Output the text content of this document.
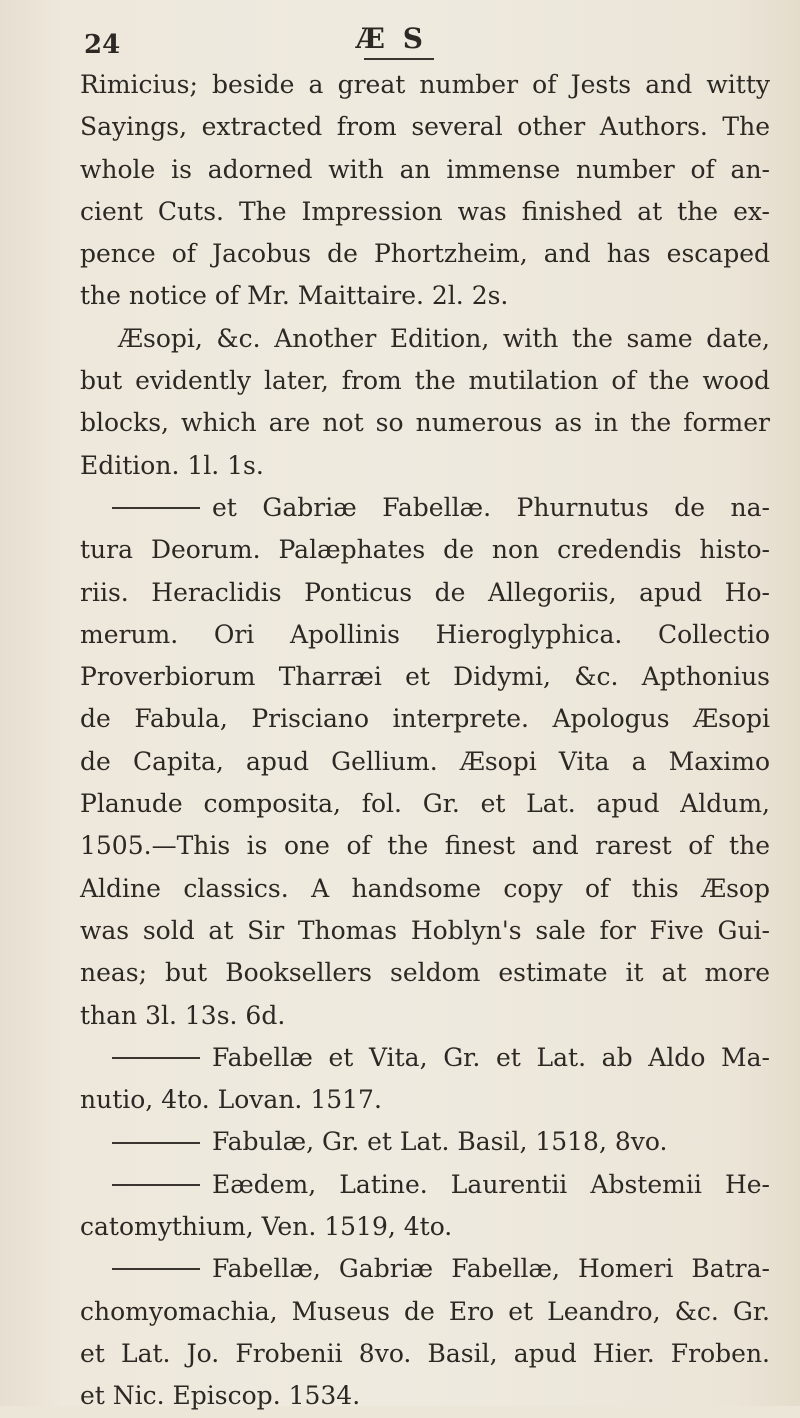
24	Æ S
Rimicius; beside a great number of Jests and witty
Sayings, extracted from several other Authors. The
whole is adorned with an immense number of an-
cient Cuts. The Impression was finished at the ex-
pence of Jacobus de Phortzheim, and has escaped
the notice of Mr. Maittaire. 2l. 2s.
Æsopi, &c. Another Edition, with the same date,
but evidently later, from the mutilation of the wood
blocks, which are not so numerous as in the former
Edition. 1l. 1s.
et Gabriæ Fabellæ. Phurnutus de na-
tura Deorum. Palæphates de non credendis histo-
riis. Heraclidis Ponticus de Allegoriis, apud Ho-
merum. Ori Apollinis Hieroglyphica. Collectio
Proverbiorum Tharræi et Didymi, &c. Apthonius
de Fabula, Prisciano interprete. Apologus Æsopi
de Capita, apud Gellium. Æsopi Vita a Maximo
Planude composita, fol. Gr. et Lat. apud Aldum,
1505.—This is one of the finest and rarest of the
Aldine classics. A handsome copy of this Æsop
was sold at Sir Thomas Hoblyn's sale for Five Gui-
neas; but Booksellers seldom estimate it at more
than 3l. 13s. 6d.
Fabellæ et Vita, Gr. et Lat. ab Aldo Ma-
nutio, 4to. Lovan. 1517.
Fabulæ, Gr. et Lat. Basil, 1518, 8vo.
Eædem, Latine. Laurentii Abstemii He-
catomythium, Ven. 1519, 4to.
Fabellæ, Gabriæ Fabellæ, Homeri Batra-
chomyomachia, Museus de Ero et Leandro, &c. Gr.
et Lat. Jo. Frobenii 8vo. Basil, apud Hier. Froben.
et Nic. Episcop. 1534.
